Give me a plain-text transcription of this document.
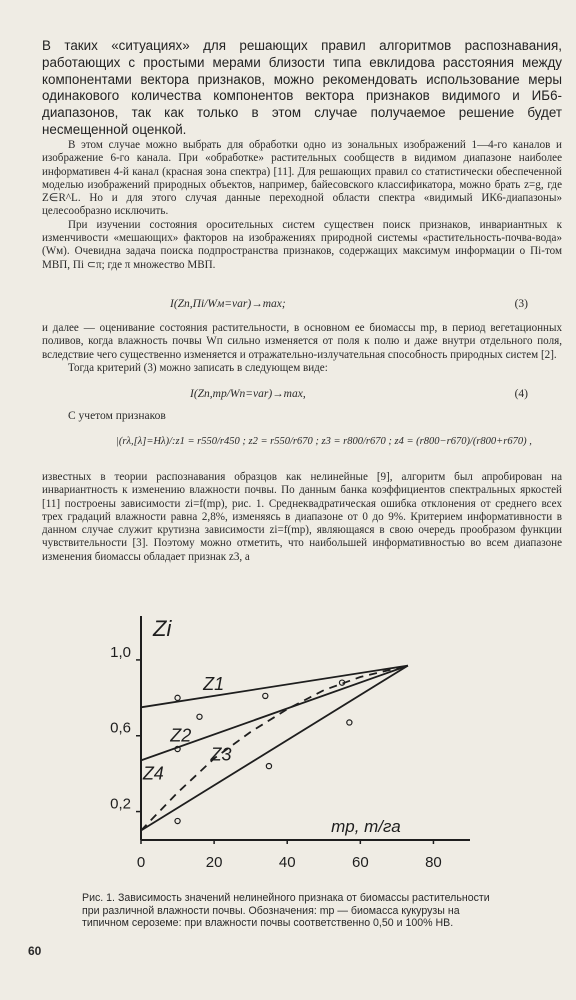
В таких «ситуациях» для решающих правил алгоритмов распознавания, работающих с простыми мерами близости типа евклидова расстояния между компонентами вектора признаков, можно рекомендовать использование меры одинакового количества компонентов вектора признаков видимого и ИБ6-диапазонов, так как только в этом случае получаемое решение будет несмещенной оценкой.

В этом случае можно выбрать для обработки одно из зональных изображений 1—4-го каналов и изображение 6-го канала. При «обработке» растительных сообществ в видимом диапазоне наиболее информативен 4-й канал (красная зона спектра) [11]. Для решающих правил со статистически обеспеченной моделью изображений природных объектов, например, байесовского классификатора, можно брать z=g, где Z∈R^L. Но и для этого случая данные переходной области спектра «видимый ИК6-диапазоны» целесообразно исключить.

При изучении состояния оросительных систем существен поиск признаков, инвариантных к изменчивости «мешающих» факторов на изображениях природной системы «растительность-почва-вода» (Wм). Очевидна задача поиска подпространства признаков, содержащих максимум информации о Πi-том МВП, Πi ⊂π; где π множество МВП.

I(Zп,Πi/Wм=var)→max;	(3)

и далее — оценивание состояния растительности, в основном ее биомассы mр, в период вегетационных поливов, когда влажность почвы Wп сильно изменяется от поля к полю и даже внутри отдельного поля, вследствие чего существенно изменяется и отражательно-излучательная способность природных систем [2].

Тогда критерий (3) можно записать в следующем виде:

I(Zп,mр/Wп=var)→max,	(4)
С учетом признаков
|(rλ,[λ]=Hλ)/:z1 = r550/r450 ; z2 = r550/r670 ; z3 = r800/r670 ; z4 = (r800−r670)/(r800+r670) ,

известных в теории распознавания образцов как нелинейные [9], алгоритм был апробирован на инвариантность к изменению влажности почвы. По данным банка коэффициентов спектральных яркостей [11] построены зависимости zi=f(mр), рис. 1. Среднеквадратическая ошибка отклонения от среднего всех трех градаций влажности равна 2,8%, изменяясь в диапазоне от 0 до 9%. Критерием информативности в данном случае служит крутизна зависимости zi=f(mр), являющаяся в свою очередь прообразом функции чувствительности [3]. Поэтому можно отметить, что наибольшей информативностью во всем диапазоне изменения биомассы обладает признак z3, а

0,2
0,6
1,0
0	20	40	60	80
Zi
mр, т/га
Z1
Z2
Z3
Z4
Рис. 1. Зависимость значений нелинейного признака от биомассы растительности при различной влажности почвы. Обозначения: mр — биомасса кукурузы на типичном сероземе: при влажности почвы соответственно 0,50 и 100% НВ.
60
